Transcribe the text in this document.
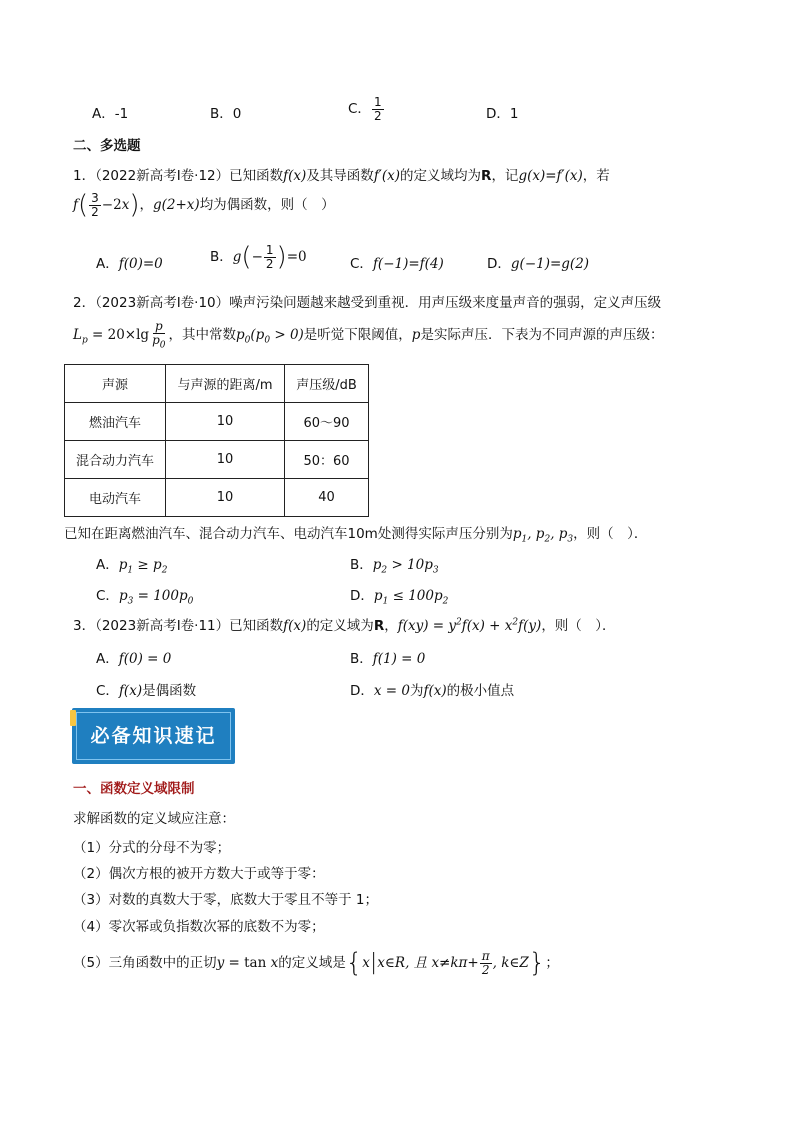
A．-1	B．0	C． $\frac{1}{2}$	D．1
二、多选题
1．（2022新高考Ⅰ卷·12）已知函数f(x)及其导函数f′(x)的定义域均为R，记g(x)=f′(x)，若
$f( \frac{3}{2} -2x)$，g(2+x)均为偶函数，则（　）
A．f(0)=0	B．$g(- \frac{1}{2} )=0$	C．f(−1)=f(4)	D．g(−1)=g(2)
2．（2023新高考Ⅰ卷·10）噪声污染问题越来越受到重视．用声压级来度量声音的强弱，定义声压级
$L_p = 20\times\lg \frac{p}{p_0}$ ，其中常数$p_0(p_0 > 0)$是听觉下限阈值，p是实际声压．下表为不同声源的声压级：
声源	与声源的距离/m	声压级/dB
燃油汽车	10	60～90
混合动力汽车	10	50：60
电动汽车	10	40
已知在距离燃油汽车、混合动力汽车、电动汽车10m处测得实际声压分别为$p_1$, $p_2$, $p_3$，则（　）．
A．$p_1 \ge p_2$	B．$p_2 > 10p_3$
C．$p_3 = 100p_0$	D．$p_1 \le 100p_2$
3．（2023新高考Ⅰ卷·11）已知函数f(x)的定义域为R，$f(xy) = y^2f(x) + x^2f(y)$，则（　）．
A．f(0) = 0	B．f(1) = 0
C．f(x)是偶函数	D．x = 0为f(x)的极小值点
必备知识速记
一、函数定义域限制
求解函数的定义域应注意：
（1）分式的分母不为零；
（2）偶次方根的被开方数大于或等于零：
（3）对数的真数大于零，底数大于零且不等于 1；
（4）零次幂或负指数次幂的底数不为零；
（5）三角函数中的正切y = tan x的定义域是{x|x∈R, 且 $x\ne k\pi+ \frac{\pi}{2}$ , k∈Z}；
